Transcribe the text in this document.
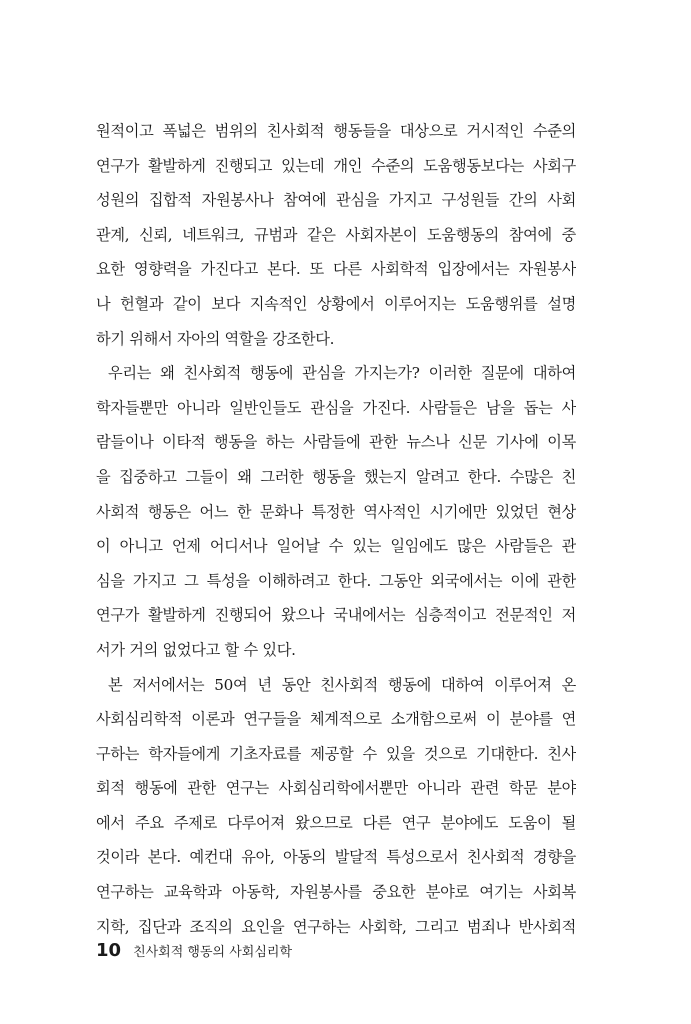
원적이고 폭넓은 범위의 친사회적 행동들을 대상으로 거시적인 수준의
연구가 활발하게 진행되고 있는데 개인 수준의 도움행동보다는 사회구
성원의 집합적 자원봉사나 참여에 관심을 가지고 구성원들 간의 사회
관계, 신뢰, 네트워크, 규범과 같은 사회자본이 도움행동의 참여에 중
요한 영향력을 가진다고 본다. 또 다른 사회학적 입장에서는 자원봉사
나 헌혈과 같이 보다 지속적인 상황에서 이루어지는 도움행위를 설명
하기 위해서 자아의 역할을 강조한다.
우리는 왜 친사회적 행동에 관심을 가지는가? 이러한 질문에 대하여
학자들뿐만 아니라 일반인들도 관심을 가진다. 사람들은 남을 돕는 사
람들이나 이타적 행동을 하는 사람들에 관한 뉴스나 신문 기사에 이목
을 집중하고 그들이 왜 그러한 행동을 했는지 알려고 한다. 수많은 친
사회적 행동은 어느 한 문화나 특정한 역사적인 시기에만 있었던 현상
이 아니고 언제 어디서나 일어날 수 있는 일임에도 많은 사람들은 관
심을 가지고 그 특성을 이해하려고 한다. 그동안 외국에서는 이에 관한
연구가 활발하게 진행되어 왔으나 국내에서는 심층적이고 전문적인 저
서가 거의 없었다고 할 수 있다.
본 저서에서는 50여 년 동안 친사회적 행동에 대하여 이루어져 온
사회심리학적 이론과 연구들을 체계적으로 소개함으로써 이 분야를 연
구하는 학자들에게 기초자료를 제공할 수 있을 것으로 기대한다. 친사
회적 행동에 관한 연구는 사회심리학에서뿐만 아니라 관련 학문 분야
에서 주요 주제로 다루어져 왔으므로 다른 연구 분야에도 도움이 될
것이라 본다. 예컨대 유아, 아동의 발달적 특성으로서 친사회적 경향을
연구하는 교육학과 아동학, 자원봉사를 중요한 분야로 여기는 사회복
지학, 집단과 조직의 요인을 연구하는 사회학, 그리고 범죄나 반사회적
10 친사회적 행동의 사회심리학
